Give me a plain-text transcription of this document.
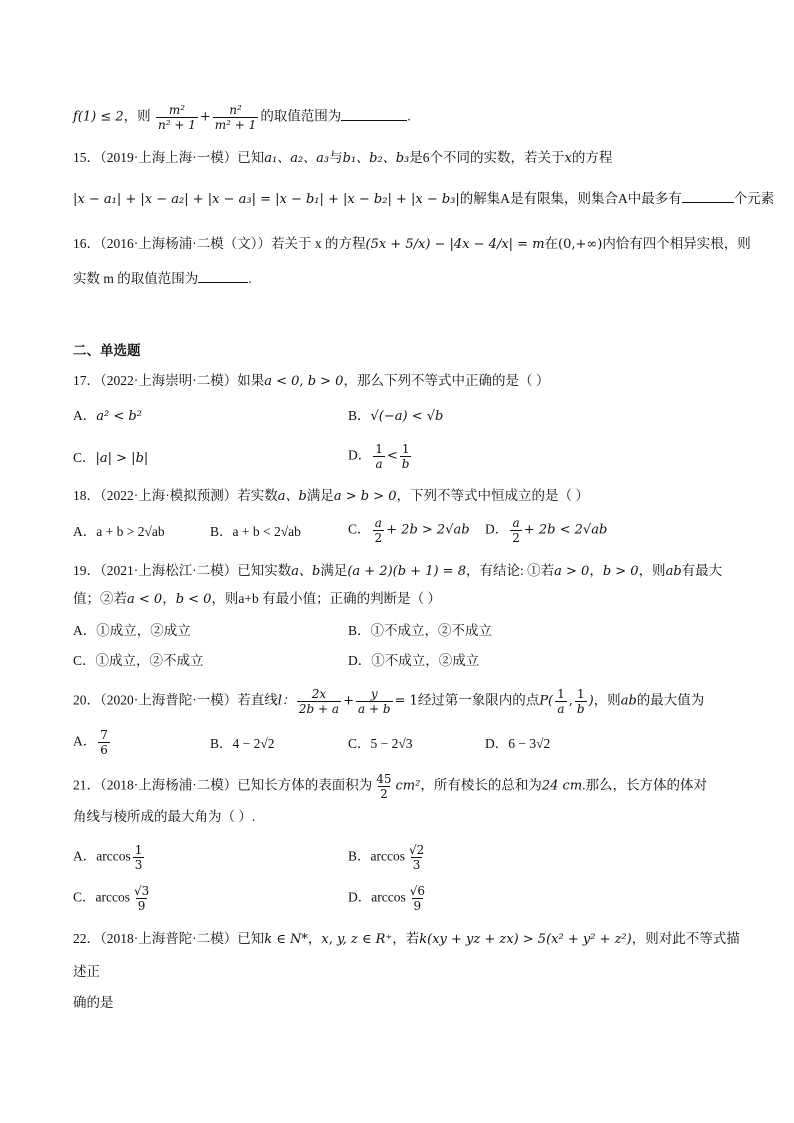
f(1) ≤ 2，则 $\frac{\text{m²}}{\text{n² + 1}} + \frac{\text{n²}}{\text{m² + 1}}$ 的取值范围为	.
15．（2019·上海上海·一模）已知a₁、a₂、a₃与b₁、b₂、b₃是6个不同的实数，若关于x的方程
|x − a₁| + |x − a₂| + |x − a₃| = |x − b₁| + |x − b₂| + |x − b₃|的解集A是有限集，则集合A中最多有	个元素
16．（2016·上海杨浦·二模（文））若关于 x 的方程(5x + 5/x) − |4x − 4/x| = m在(0,+∞)内恰有四个相异实根，则
实数 m 的取值范围为	.
二、单选题
17．（2022·上海崇明·二模）如果a < 0, b > 0，那么下列不等式中正确的是（ ）
A．a² < b²	B．√(−a) < √b
C．|a| > |b|	D． $\frac{1}{a} < \frac{1}{b}$
18．（2022·上海·模拟预测）若实数a、b满足a > b > 0，下列不等式中恒成立的是（ ）
A．a + b > 2√ab	B．a + b < 2√ab	C． $\frac{a}{2} + 2b > 2√ab$ D． $\frac{a}{2} + 2b < 2√ab$
19．（2021·上海松江·二模）已知实数a、b满足(a + 2)(b + 1) = 8，有结论: ①若a > 0，b > 0，则ab有最大
值；②若a < 0，b < 0，则a+b 有最小值；正确的判断是（ ）
A．①成立，②成立	B．①不成立，②不成立
C．①成立，②不成立	D．①不成立，②成立
20．（2020·上海普陀·一模）若直线l： $\frac{2x}{2b + a} + \frac{y}{a + b} = 1$经过第一象限内的点$P( \frac{1}{a}$ , $\frac{1}{b}$ )，则ab的最大值为
A． $\frac{7}{6}$	B．4 − 2√2	C．5 − 2√3	D．6 − 3√2
21．（2018·上海杨浦·二模）已知长方体的表面积为 $\frac{45}{2} cm^2$，所有棱长的总和为24 cm.那么，长方体的体对
角线与棱所成的最大角为（ ）.
A．$\arccos \frac{1}{3}$	B．$\arccos \frac{√2}{3}$
C．$\arccos \frac{√3}{9}$	D．$\arccos \frac{√6}{9}$
22．（2018·上海普陀·二模）已知k ∈ N*，x, y, z ∈ R⁺，若k(xy + yz + zx) > 5(x² + y² + z²)，则对此不等式描
述正
确的是
